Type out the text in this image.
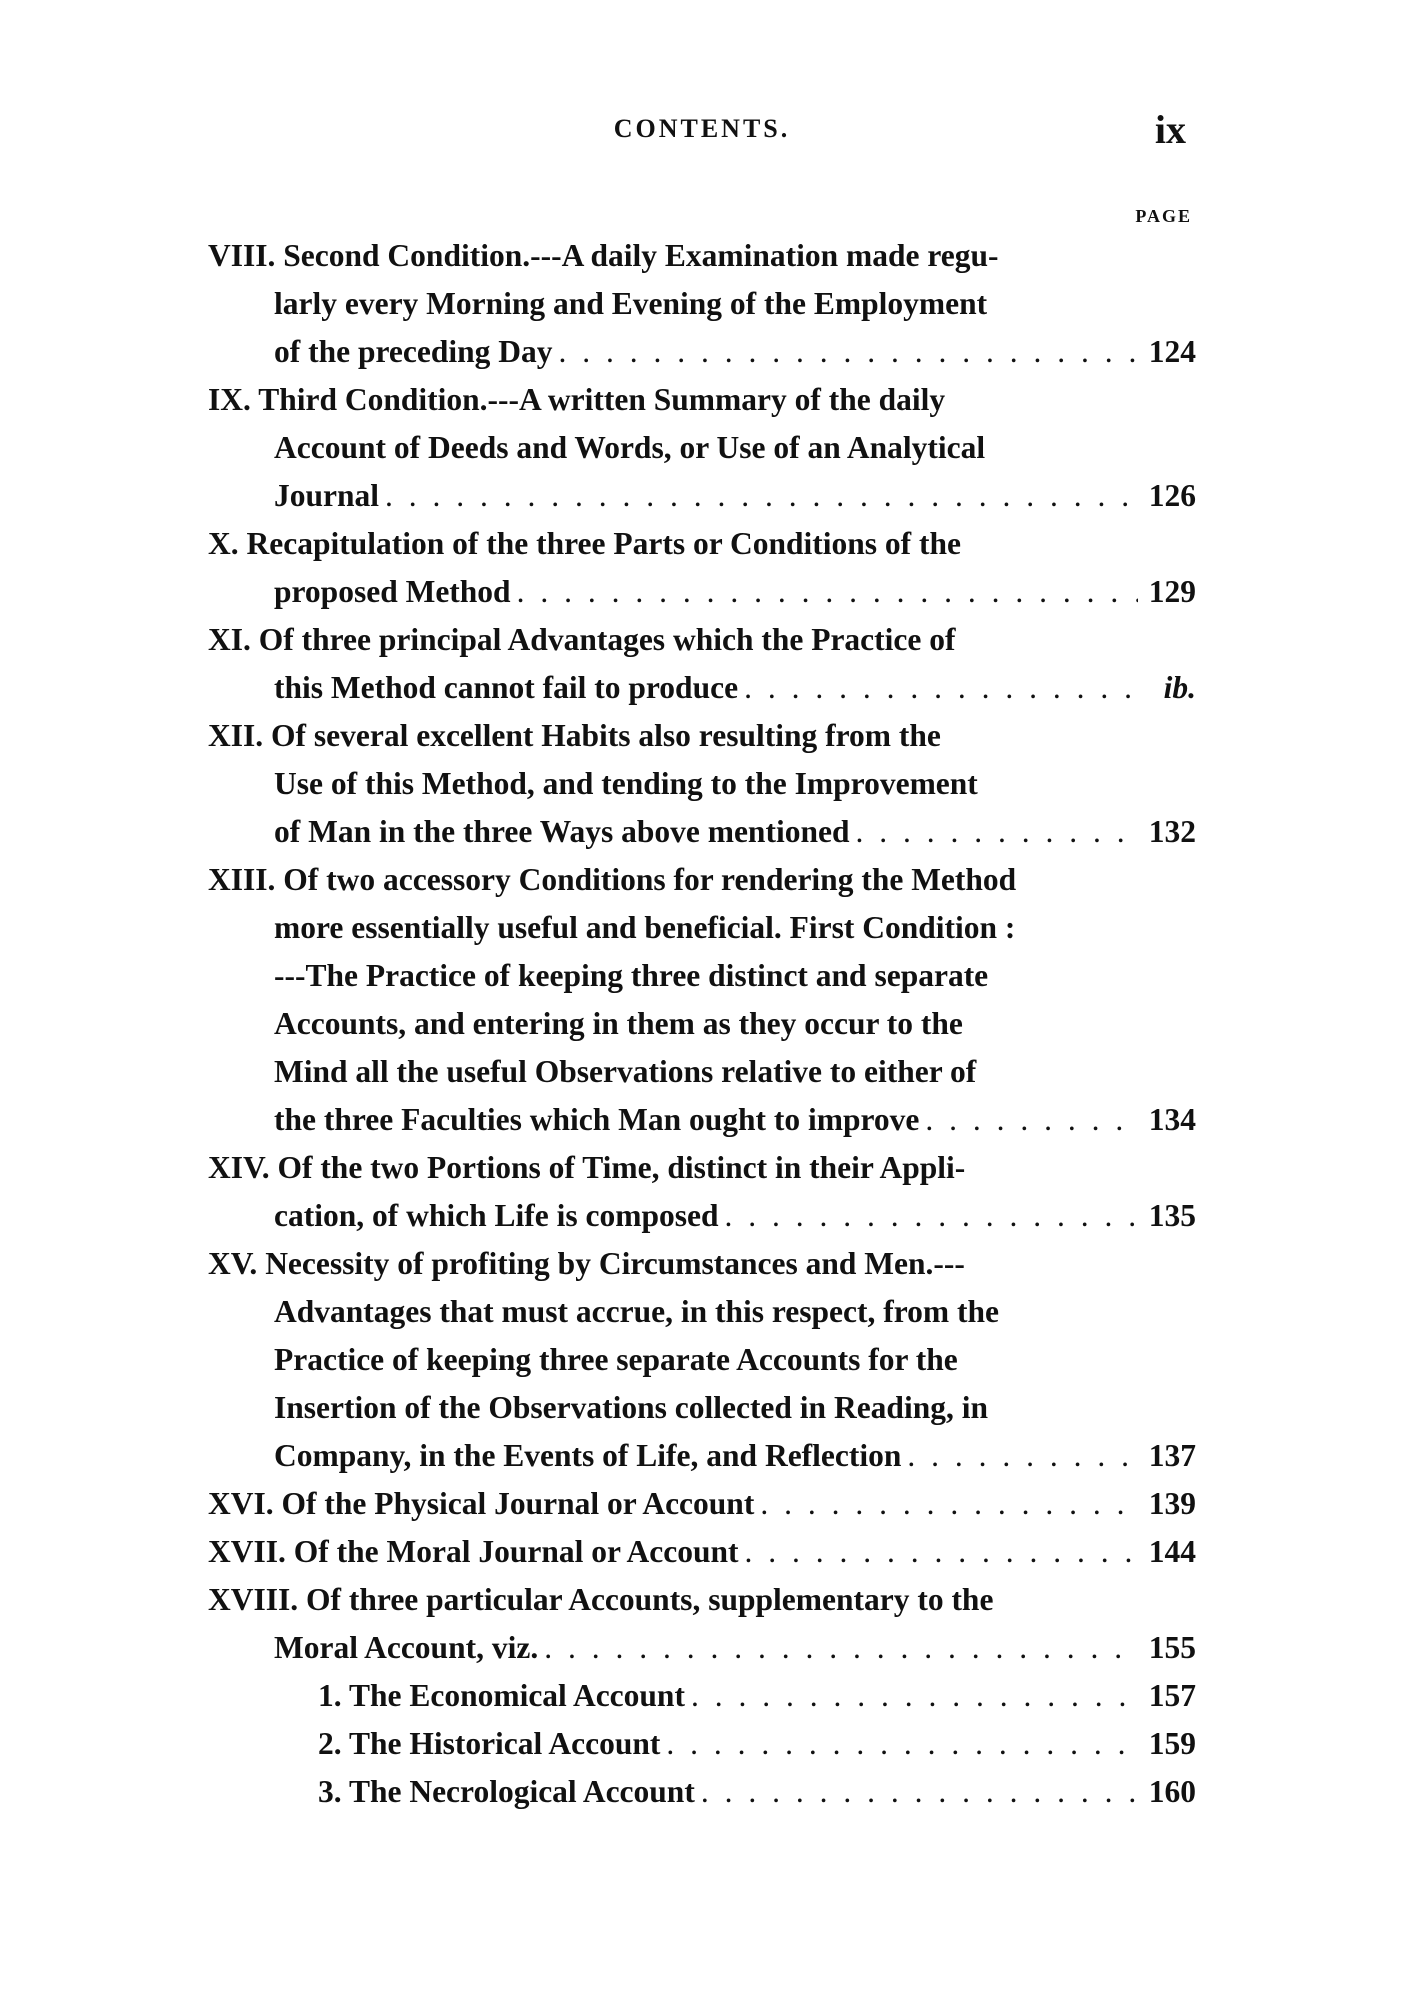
CONTENTS.	ix
PAGE
VIII. Second Condition.---A daily Examination made regu-
larly every Morning and Evening of the Employment
of the preceding Day . . .	124
IX. Third Condition.---A written Summary of the daily
Account of Deeds and Words, or Use of an Analytical
Journal . . .	126
X. Recapitulation of the three Parts or Conditions of the
proposed Method . . .	129
XI. Of three principal Advantages which the Practice of
this Method cannot fail to produce . . .	ib.
XII. Of several excellent Habits also resulting from the
Use of this Method, and tending to the Improvement
of Man in the three Ways above mentioned . . .	132
XIII. Of two accessory Conditions for rendering the Method
more essentially useful and beneficial. First Condition :
---The Practice of keeping three distinct and separate
Accounts, and entering in them as they occur to the
Mind all the useful Observations relative to either of
the three Faculties which Man ought to improve . . .	134
XIV. Of the two Portions of Time, distinct in their Appli-
cation, of which Life is composed . . .	135
XV. Necessity of profiting by Circumstances and Men.---
Advantages that must accrue, in this respect, from the
Practice of keeping three separate Accounts for the
Insertion of the Observations collected in Reading, in
Company, in the Events of Life, and Reflection . . .	137
XVI. Of the Physical Journal or Account . . .	139
XVII. Of the Moral Journal or Account . . .	144
XVIII. Of three particular Accounts, supplementary to the
Moral Account, viz. . . .	155
1. The Economical Account . . .	157
2. The Historical Account . . .	159
3. The Necrological Account . . .	160
